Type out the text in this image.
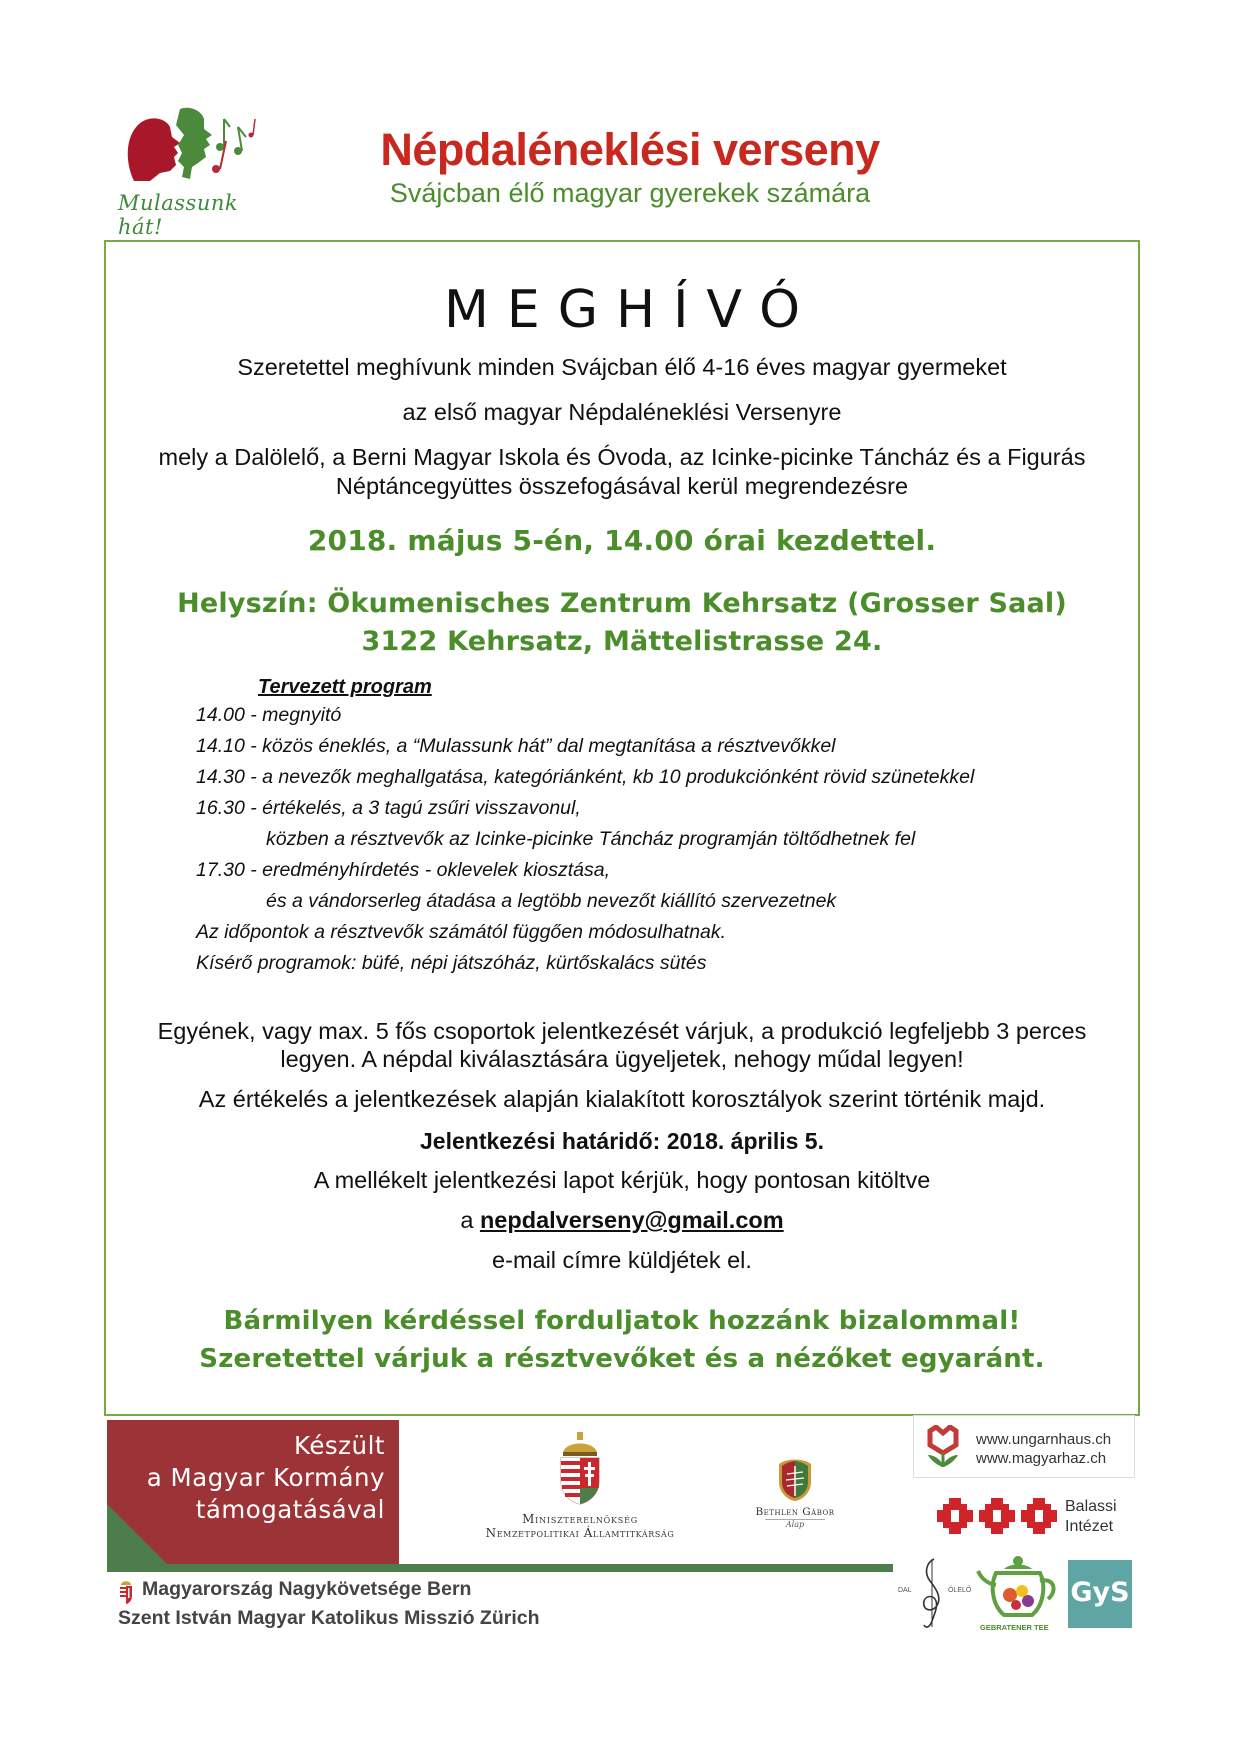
Mulassunk hát!
Népdaléneklési verseny
Svájcban élő magyar gyerekek számára
MEGHÍVÓ
Szeretettel meghívunk minden Svájcban élő 4-16 éves magyar gyermeket
az első magyar Népdaléneklési Versenyre
mely a Dalölelő, a Berni Magyar Iskola és Óvoda, az Icinke-picinke Táncház és a Figurás
Néptáncegyüttes összefogásával kerül megrendezésre
2018. május 5-én, 14.00 órai kezdettel.
Helyszín: Ökumenisches Zentrum Kehrsatz (Grosser Saal)
3122 Kehrsatz, Mättelistrasse 24.
Tervezett program
14.00 - megnyitó
14.10 - közös éneklés, a “Mulassunk hát” dal megtanítása a résztvevőkkel
14.30 - a nevezők meghallgatása, kategóriánként, kb 10 produkciónként rövid szünetekkel
16.30 - értékelés, a 3 tagú zsűri visszavonul,
közben a résztvevők az Icinke-picinke Táncház programján töltődhetnek fel
17.30 - eredményhírdetés - oklevelek kiosztása,
és a vándorserleg átadása a legtöbb nevezőt kiállító szervezetnek
Az időpontok a résztvevők számától függően módosulhatnak.
Kísérő programok: büfé, népi játszóház, kürtőskalács sütés
Egyének, vagy max. 5 fős csoportok jelentkezését várjuk, a produkció legfeljebb 3 perces
legyen. A népdal kiválasztására ügyeljetek, nehogy műdal legyen!
Az értékelés a jelentkezések alapján kialakított korosztályok szerint történik majd.
Jelentkezési határidő: 2018. április 5.
A mellékelt jelentkezési lapot kérjük, hogy pontosan kitöltve
a nepdalverseny@gmail.com
e-mail címre küldjétek el.
Bármilyen kérdéssel forduljatok hozzánk bizalommal!
Szeretettel várjuk a résztvevőket és a nézőket egyaránt.
Készült
a Magyar Kormány
támogatásával	Miniszterelnökség
Nemzetpolitikai Államtitkárság
Bethlen Gábor
Alap
www.ungarnhaus.ch
www.magyarhaz.ch
Balassi
Intézet
Magyarország Nagykövetsége Bern
Szent István Magyar Katolikus Misszió Zürich
DAL	ÖLELŐ
GEBRATENER TEE
GyS
